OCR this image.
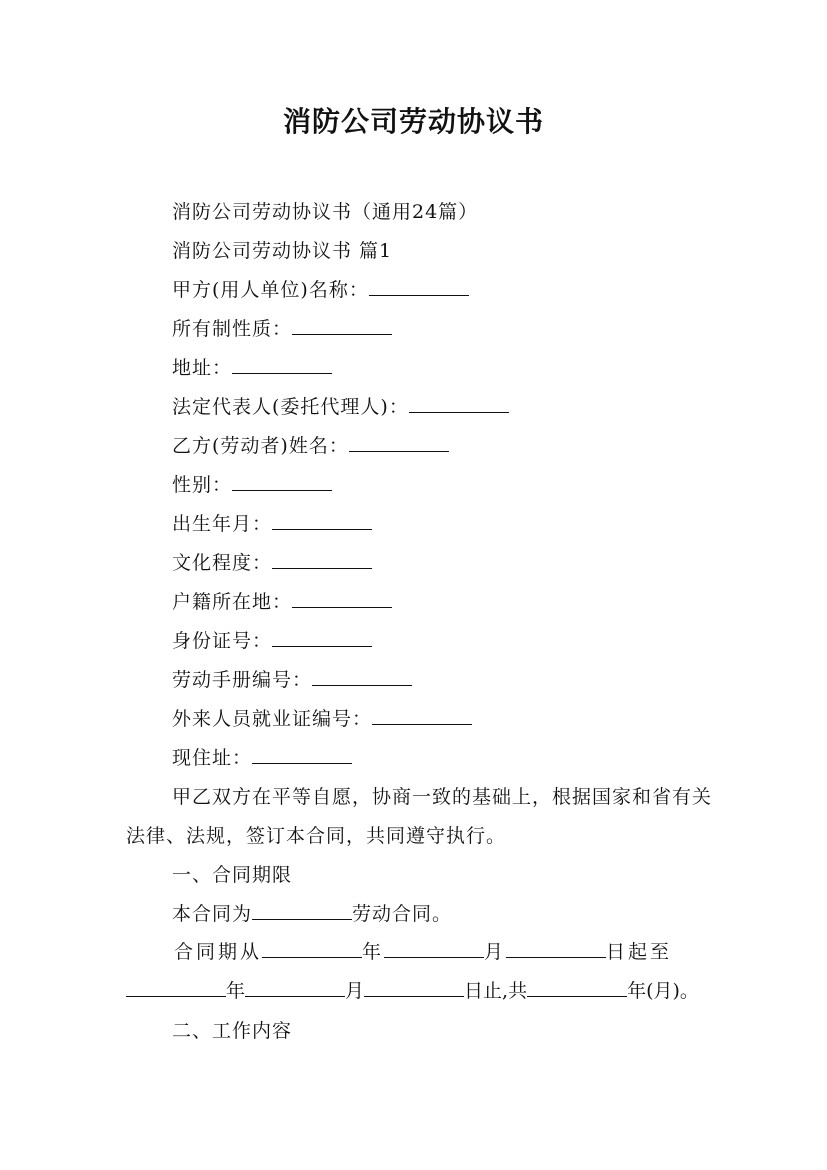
消防公司劳动协议书
消防公司劳动协议书（通用24篇）
消防公司劳动协议书 篇1
甲方(用人单位)名称：
所有制性质：
地址：
法定代表人(委托代理人)：
乙方(劳动者)姓名：
性别：
出生年月：
文化程度：
户籍所在地：
身份证号：
劳动手册编号：
外来人员就业证编号：
现住址：
甲乙双方在平等自愿，协商一致的基础上，根据国家和省有关法律、法规，签订本合同，共同遵守执行。
一、合同期限
本合同为	劳动合同。
合同期从	年	月	日起至
年	月	日止,共	年(月)。
二、工作内容
